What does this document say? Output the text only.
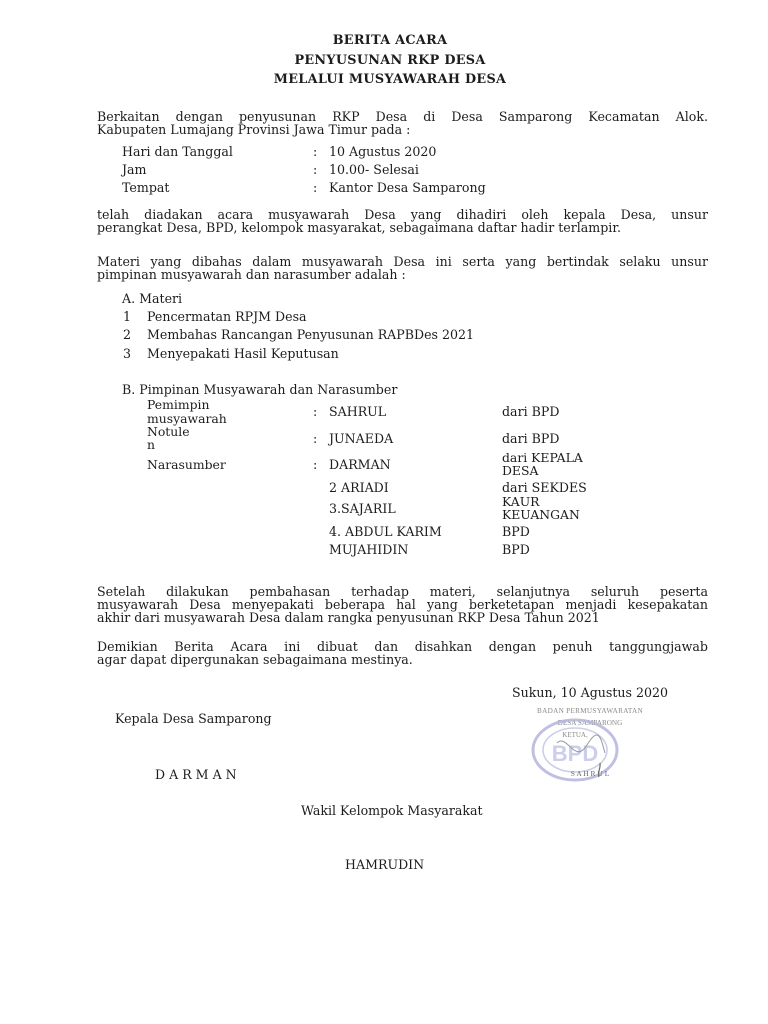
BERITA ACARA
PENYUSUNAN RKP DESA
MELALUI MUSYAWARAH DESA
Berkaitan dengan penyusunan RKP Desa di Desa Samparong Kecamatan Alok.
Kabupaten Lumajang Provinsi Jawa Timur pada :
Hari dan Tanggal	: 10 Agustus 2020
Jam	: 10.00- Selesai
Tempat	: Kantor Desa Samparong
telah diadakan acara musyawarah Desa yang dihadiri oleh kepala Desa, unsur
perangkat Desa, BPD, kelompok masyarakat, sebagaimana daftar hadir terlampir.
Materi yang dibahas dalam musyawarah Desa ini serta yang bertindak selaku unsur
pimpinan musyawarah dan narasumber adalah :
A. Materi
1 Pencermatan RPJM Desa
2 Membahas Rancangan Penyusunan RAPBDes 2021
3 Menyepakati Hasil Keputusan
B. Pimpinan Musyawarah dan Narasumber
Pemimpin
musyawarah	: SAHRUL	dari BPD
Notule
n	: JUNAEDA	dari BPD
Narasumber	: DARMAN	dari KEPALA
DESA
2 ARIADI	dari SEKDES
3.SAJARIL	KAUR
KEUANGAN
4. ABDUL KARIM	BPD
MUJAHIDIN	BPD
Setelah dilakukan pembahasan terhadap materi, selanjutnya seluruh peserta
musyawarah Desa menyepakati beberapa hal yang berketetapan menjadi kesepakatan
akhir dari musyawarah Desa dalam rangka penyusunan RKP Desa Tahun 2021
Demikian Berita Acara ini dibuat dan disahkan dengan penuh tanggungjawab
agar dapat dipergunakan sebagaimana mestinya.
Sukun, 10 Agustus 2020
Kepala Desa Samparong
D A R M A N
Wakil Kelompok Masyarakat
HAMRUDIN
BADAN PERMUSYAWARATAN
DESA SAMPARONG
KETUA,
BPD
S A H R U L
